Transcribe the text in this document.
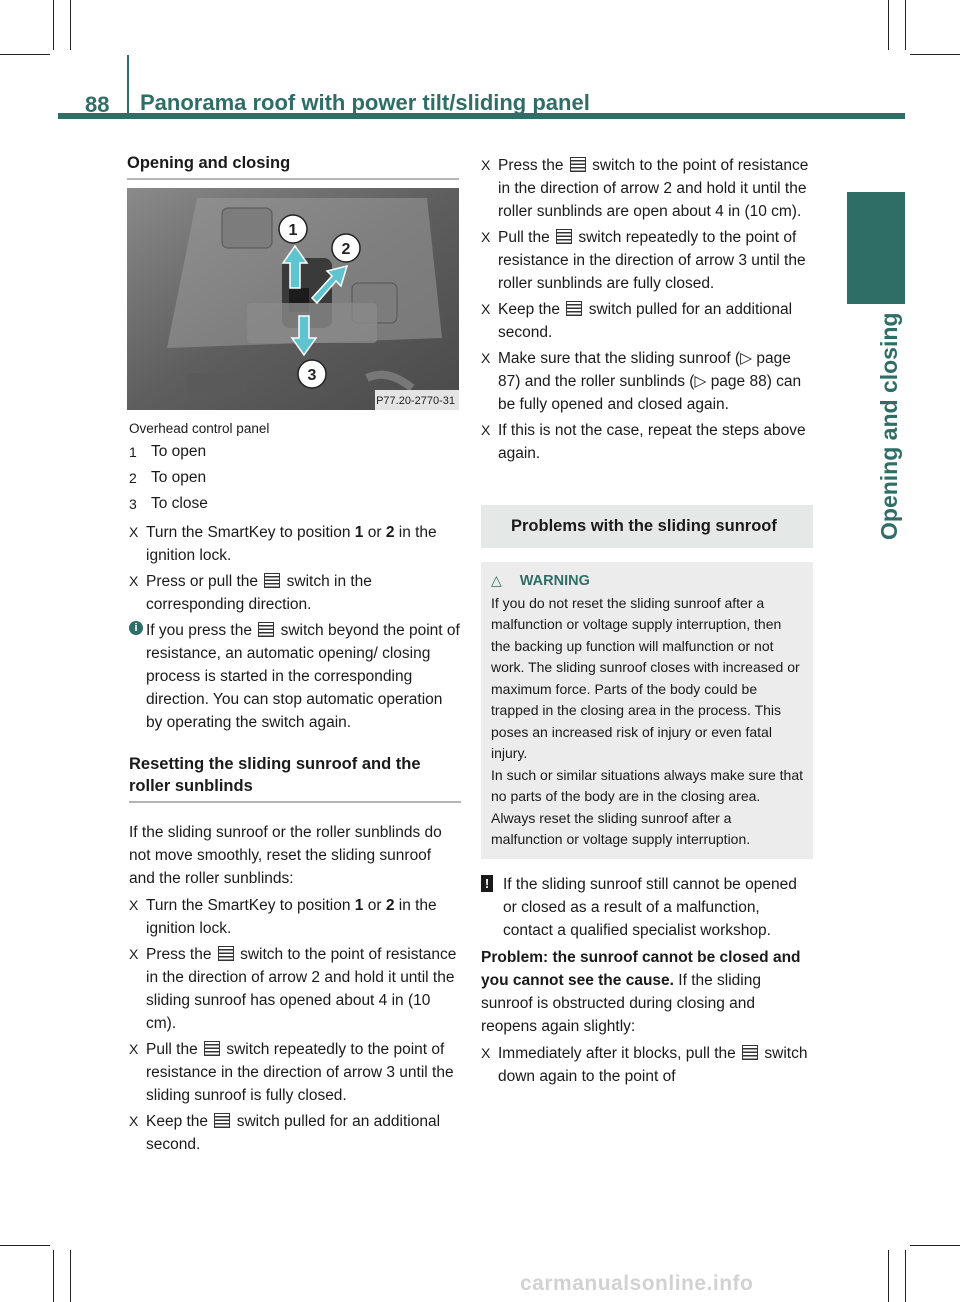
88 Panorama roof with power tilt/sliding panel
Opening and closing
Opening and closing
1
2
3
P77.20-2770-31
Overhead control panel
1 To open
2 To open
3 To close
X Turn the SmartKey to position 1 or 2 in the ignition lock.
X Press or pull the switch in the corresponding direction.
i If you press the switch beyond the point of resistance, an automatic opening/ closing process is started in the corresponding direction. You can stop automatic operation by operating the switch again.
Resetting the sliding sunroof and the roller sunblinds
If the sliding sunroof or the roller sunblinds do not move smoothly, reset the sliding sunroof and the roller sunblinds:
X Turn the SmartKey to position 1 or 2 in the ignition lock.
X Press the switch to the point of resistance in the direction of arrow 2 and hold it until the sliding sunroof has opened about 4 in (10 cm).
X Pull the switch repeatedly to the point of resistance in the direction of arrow 3 until the sliding sunroof is fully closed.
X Keep the switch pulled for an additional second.
X Press the switch to the point of resistance in the direction of arrow 2 and hold it until the roller sunblinds are open about 4 in (10 cm).
X Pull the switch repeatedly to the point of resistance in the direction of arrow 3 until the roller sunblinds are fully closed.
X Keep the switch pulled for an additional second.
X Make sure that the sliding sunroof (▷ page 87) and the roller sunblinds (▷ page 88) can be fully opened and closed again.
X If this is not the case, repeat the steps above again.
Problems with the sliding sunroof
△ WARNING
If you do not reset the sliding sunroof after a malfunction or voltage supply interruption, then the backing up function will malfunction or not work. The sliding sunroof closes with increased or maximum force. Parts of the body could be trapped in the closing area in the process. This poses an increased risk of injury or even fatal injury.
In such or similar situations always make sure that no parts of the body are in the closing area. Always reset the sliding sunroof after a malfunction or voltage supply interruption.
! If the sliding sunroof still cannot be opened or closed as a result of a malfunction, contact a qualified specialist workshop.
Problem: the sunroof cannot be closed and you cannot see the cause. If the sliding sunroof is obstructed during closing and reopens again slightly:
X Immediately after it blocks, pull the switch down again to the point of
carmanualsonline.info
